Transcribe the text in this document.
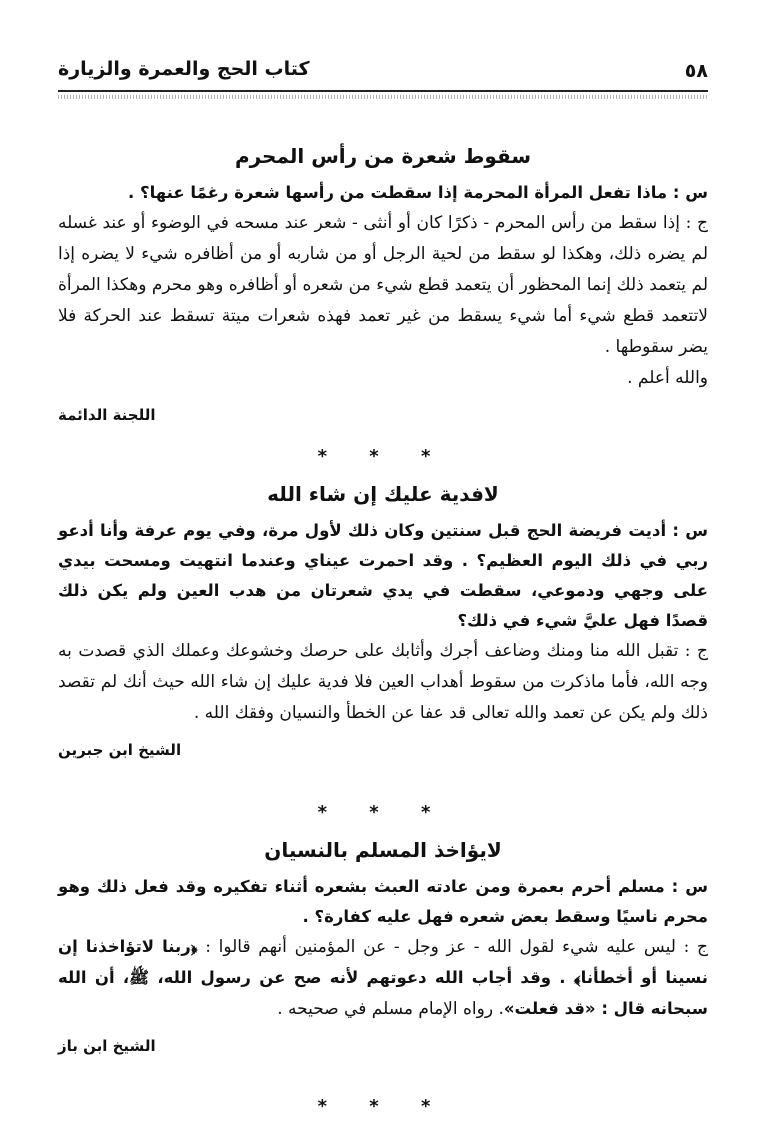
٥٨
كتاب الحج والعمرة والزيارة
سقوط شعرة من رأس المحرم

س : ماذا تفعل المرأة المحرمة إذا سقطت من رأسها شعرة رغمًا عنها؟ .

ج : إذا سقط من رأس المحرم - ذكرًا كان أو أنثى - شعر عند مسحه في الوضوء أو عند غسله لم يضره ذلك، وهكذا لو سقط من لحية الرجل أو من شاربه أو من أظافره شيء لا يضره إذا لم يتعمد ذلك إنما المحظور أن يتعمد قطع شيء من شعره أو أظافره وهو محرم وهكذا المرأة لاتتعمد قطع شيء أما شيء يسقط من غير تعمد فهذه شعرات ميتة تسقط عند الحركة فلا يضر سقوطها .

والله أعلم .

اللجنة الدائمة

* * *
لافدية عليك إن شاء الله

س : أديت فريضة الحج قبل سنتين وكان ذلك لأول مرة، وفي يوم عرفة وأنا أدعو ربي في ذلك اليوم العظيم؟ . وقد احمرت عيناي وعندما انتهيت ومسحت بيدي على وجهي ودموعي، سقطت في يدي شعرتان من هدب العين ولم يكن ذلك قصدًا فهل عليَّ شيء في ذلك؟

ج : تقبل الله منا ومنك وضاعف أجرك وأثابك على حرصك وخشوعك وعملك الذي قصدت به وجه الله، فأما ماذكرت من سقوط أهداب العين فلا فدية عليك إن شاء الله حيث أنك لم تقصد ذلك ولم يكن عن تعمد والله تعالى قد عفا عن الخطأ والنسيان وفقك الله .

الشيخ ابن جبرين

* * *
لايؤاخذ المسلم بالنسيان

س : مسلم أحرم بعمرة ومن عادته العبث بشعره أثناء تفكيره وقد فعل ذلك وهو محرم ناسيًا وسقط بعض شعره فهل عليه كفارة؟ .

ج : ليس عليه شيء لقول الله - عز وجل - عن المؤمنين أنهم قالوا : ﴿ربنا لاتؤاخذنا إن نسينا أو أخطأنا﴾ . وقد أجاب الله دعوتهم لأنه صح عن رسول الله، ﷺ، أن الله سبحانه قال : «قد فعلت». رواه الإمام مسلم في صحيحه .

الشيخ ابن باز

* * *
